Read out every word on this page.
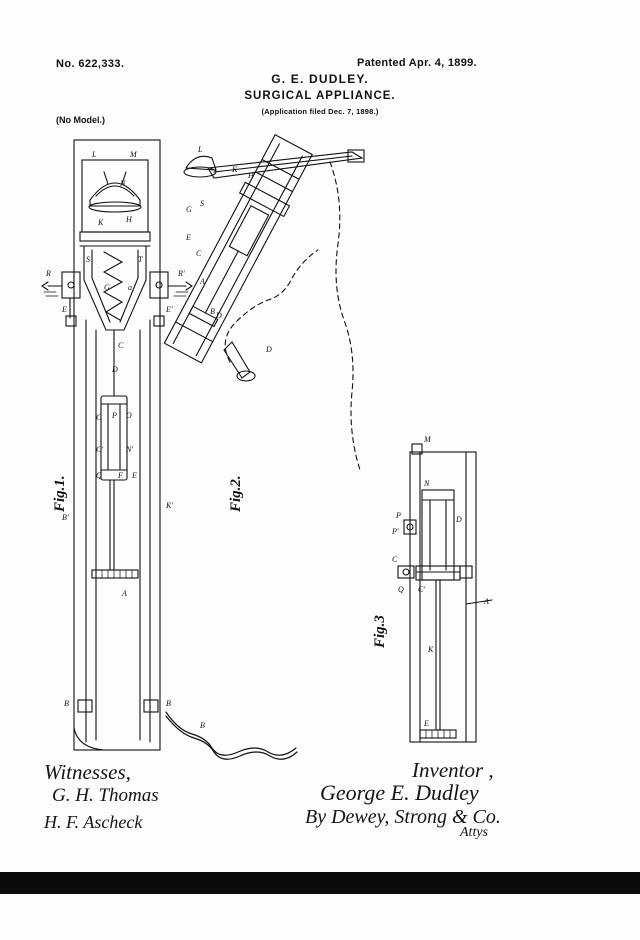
No. 622,333.	Patented Apr. 4, 1899.
G. E. DUDLEY.
SURGICAL APPLIANCE.
(Application filed Dec. 7, 1898.)
(No Model.)
L	M
N
K	H
S	T
G a
R	R'
E	E'
C
D
C P O
C'	N'
Q F E
K'
B'
A
B	B
B
L
K
H
G
S
E
C
A
B D
D
M
N
D
P
P'
C
Q C'
A
K
E
Fig.1.	Fig.2.
Fig.3
Witnesses,
G. H. Thomas
H. F. Ascheck
Inventor ,
George E. Dudley
By Dewey, Strong & Co.
Attys
